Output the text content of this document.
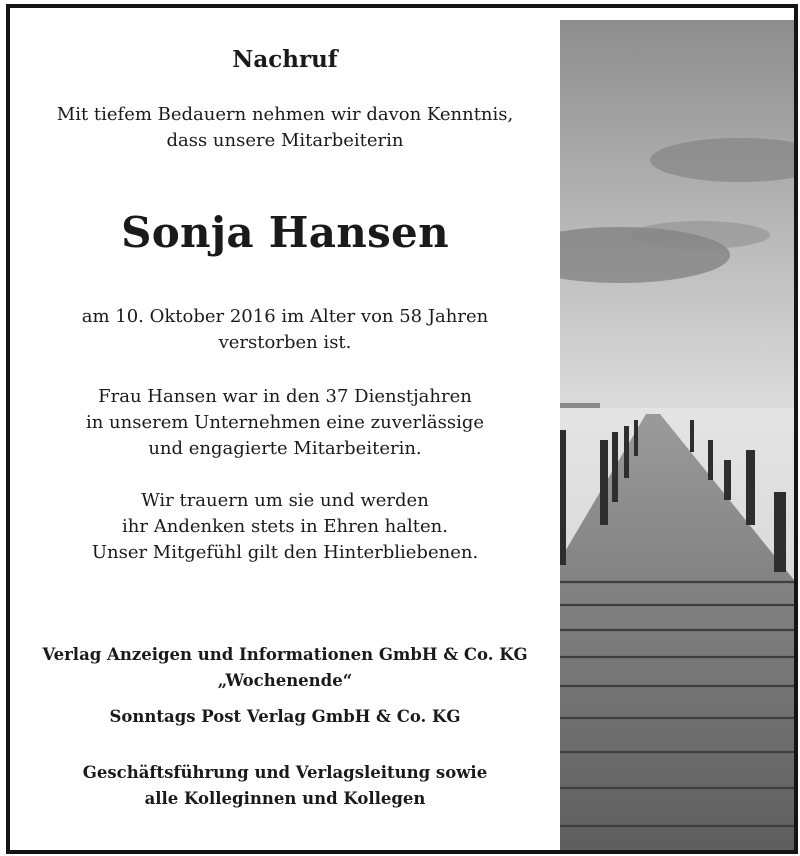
Nachruf
Mit tiefem Bedauern nehmen wir davon Kenntnis,
dass unsere Mitarbeiterin
Sonja Hansen
am 10. Oktober 2016 im Alter von 58 Jahren
verstorben ist.
Frau Hansen war in den 37 Dienstjahren
in unserem Unternehmen eine zuverlässige
und engagierte Mitarbeiterin.
Wir trauern um sie und werden
ihr Andenken stets in Ehren halten.
Unser Mitgefühl gilt den Hinterbliebenen.
Verlag Anzeigen und Informationen GmbH & Co. KG
„Wochenende“
Sonntags Post Verlag GmbH & Co. KG
Geschäftsführung und Verlagsleitung sowie
alle Kolleginnen und Kollegen
